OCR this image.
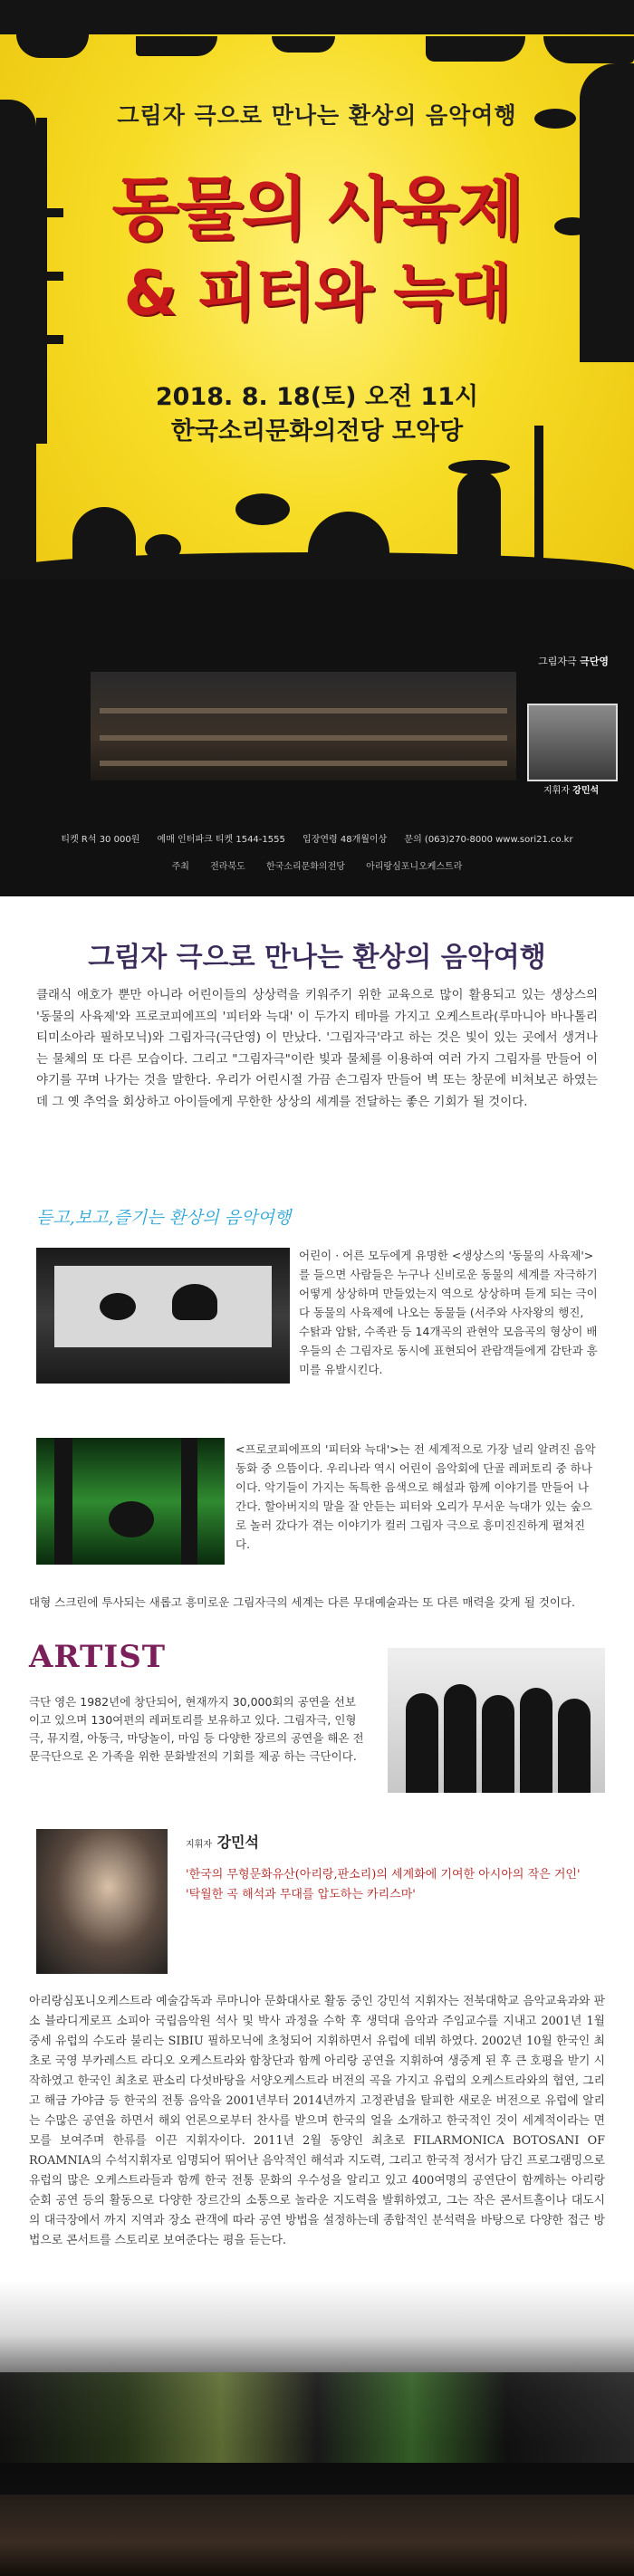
그림자 극으로 만나는 환상의 음악여행
동물의 사육제
& 피터와 늑대
2018. 8. 18(토) 오전 11시
한국소리문화의전당 모악당
그림자극 극단영
지휘자 강민석
티켓 R석 30 000원 예매 인터파크 티켓 1544-1555 입장연령 48개월이상 문의 (063)270-8000 www.sori21.co.kr
주최 전라북도 한국소리문화의전당 아리랑심포니오케스트라
그림자 극으로 만나는 환상의 음악여행
클래식 애호가 뿐만 아니라 어린이들의 상상력을 키워주기 위한 교육으로 많이 활용되고 있는 생상스의 '동물의 사육제'와 프로코피에프의 '피터와 늑대' 이 두가지 테마를 가지고 오케스트라(루마니아 바나톨리 티미소아라 필하모닉)와 그림자극(극단영) 이 만났다. '그림자극'라고 하는 것은 빛이 있는 곳에서 생겨나는 물체의 또 다른 모습이다. 그리고 "그림자극"이란 빛과 물체를 이용하여 여러 가지 그림자를 만들어 이야기를 꾸며 나가는 것을 말한다. 우리가 어린시절 가끔 손그림자 만들어 벽 또는 창문에 비쳐보곤 하였는데 그 옛 추억을 회상하고 아이들에게 무한한 상상의 세계를 전달하는 좋은 기회가 될 것이다.
듣고,보고,즐기는 환상의 음악여행
어린이 · 어른 모두에게 유명한 <생상스의 '동물의 사육제'>를 들으면 사람들은 누구나 신비로운 동물의 세계를 자극하기 어떻게 상상하며 만들었는지 역으로 상상하며 듣게 되는 극이다 동물의 사육제에 나오는 동물들 (서주와 사자왕의 행진, 수탉과 암탉, 수족관 등 14개곡의 관현악 모음곡의 형상이 배우들의 손 그림자로 동시에 표현되어 관람객들에게 감탄과 흥미를 유발시킨다.
<프로코피에프의 '피터와 늑대'>는 전 세계적으로 가장 널리 알려진 음악동화 중 으뜸이다. 우리나라 역시 어린이 음악회에 단골 레퍼토리 중 하나이다. 악기들이 가지는 독특한 음색으로 해설과 함께 이야기를 만들어 나간다. 할아버지의 말을 잘 안듣는 피터와 오리가 무서운 늑대가 있는 숲으로 놀러 갔다가 겪는 이야기가 컬러 그림자 극으로 흥미진진하게 펼쳐진다.
대형 스크린에 투사되는 새롭고 흥미로운 그림자극의 세계는 다른 무대예술과는 또 다른 매력을 갖게 될 것이다.
ARTIST
극단 영은 1982년에 창단되어, 현재까지 30,000회의 공연을 선보이고 있으며 130여편의 레퍼토리를 보유하고 있다. 그림자극, 인형극, 뮤지컬, 아동극, 마당놀이, 마임 등 다양한 장르의 공연을 해온 전문극단으로 온 가족을 위한 문화발전의 기회를 제공 하는 극단이다.
지휘자 강민석
'한국의 무형문화유산(아리랑,판소리)의 세계화에 기여한 아시아의 작은 거인'
'탁월한 곡 해석과 무대를 압도하는 카리스마'
아리랑심포니오케스트라 예술감독과 루마니아 문화대사로 활동 중인 강민석 지휘자는 전북대학교 음악교육과와 판소 블라디게로프 소피아 국립음악원 석사 및 박사 과정을 수학 후 생덕대 음악과 주임교수를 지내고 2001년 1월 중세 유럽의 수도라 불리는 SIBIU 필하모닉에 초청되어 지휘하면서 유럽에 데뷔 하였다. 2002년 10월 한국인 최초로 국영 부카레스트 라디오 오케스트라와 함창단과 함께 아리랑 공연을 지휘하여 생중계 된 후 큰 호평을 받기 시작하였고 한국인 최초로 판소리 다섯바탕을 서양오케스트라 버전의 곡을 가지고 유럽의 오케스트라와의 협연, 그리고 해금 가야금 등 한국의 전통 음악을 2001년부터 2014년까지 고정관념을 탈피한 새로운 버전으로 유럽에 알리는 수많은 공연을 하면서 해외 언론으로부터 찬사를 받으며 한국의 얼을 소개하고 한국적인 것이 세계적이라는 면모를 보여주며 한류를 이끈 지휘자이다. 2011년 2월 동양인 최초로 FILARMONICA BOTOSANI OF ROAMNIA의 수석지휘자로 임명되어 뛰어난 음악적인 해석과 지도력, 그리고 한국적 정서가 담긴 프로그램밍으로 유럽의 많은 오케스트라들과 함께 한국 전통 문화의 우수성을 알리고 있고 400여명의 공연단이 함께하는 아리랑 순회 공연 등의 활동으로 다양한 장르간의 소통으로 놀라운 지도력을 발휘하였고, 그는 작은 콘서트홀이나 대도시의 대극장에서 까지 지역과 장소 관객에 따라 공연 방법을 설정하는데 종합적인 분석력을 바탕으로 다양한 접근 방법으로 콘서트를 스토리로 보여준다는 평을 듣는다.
